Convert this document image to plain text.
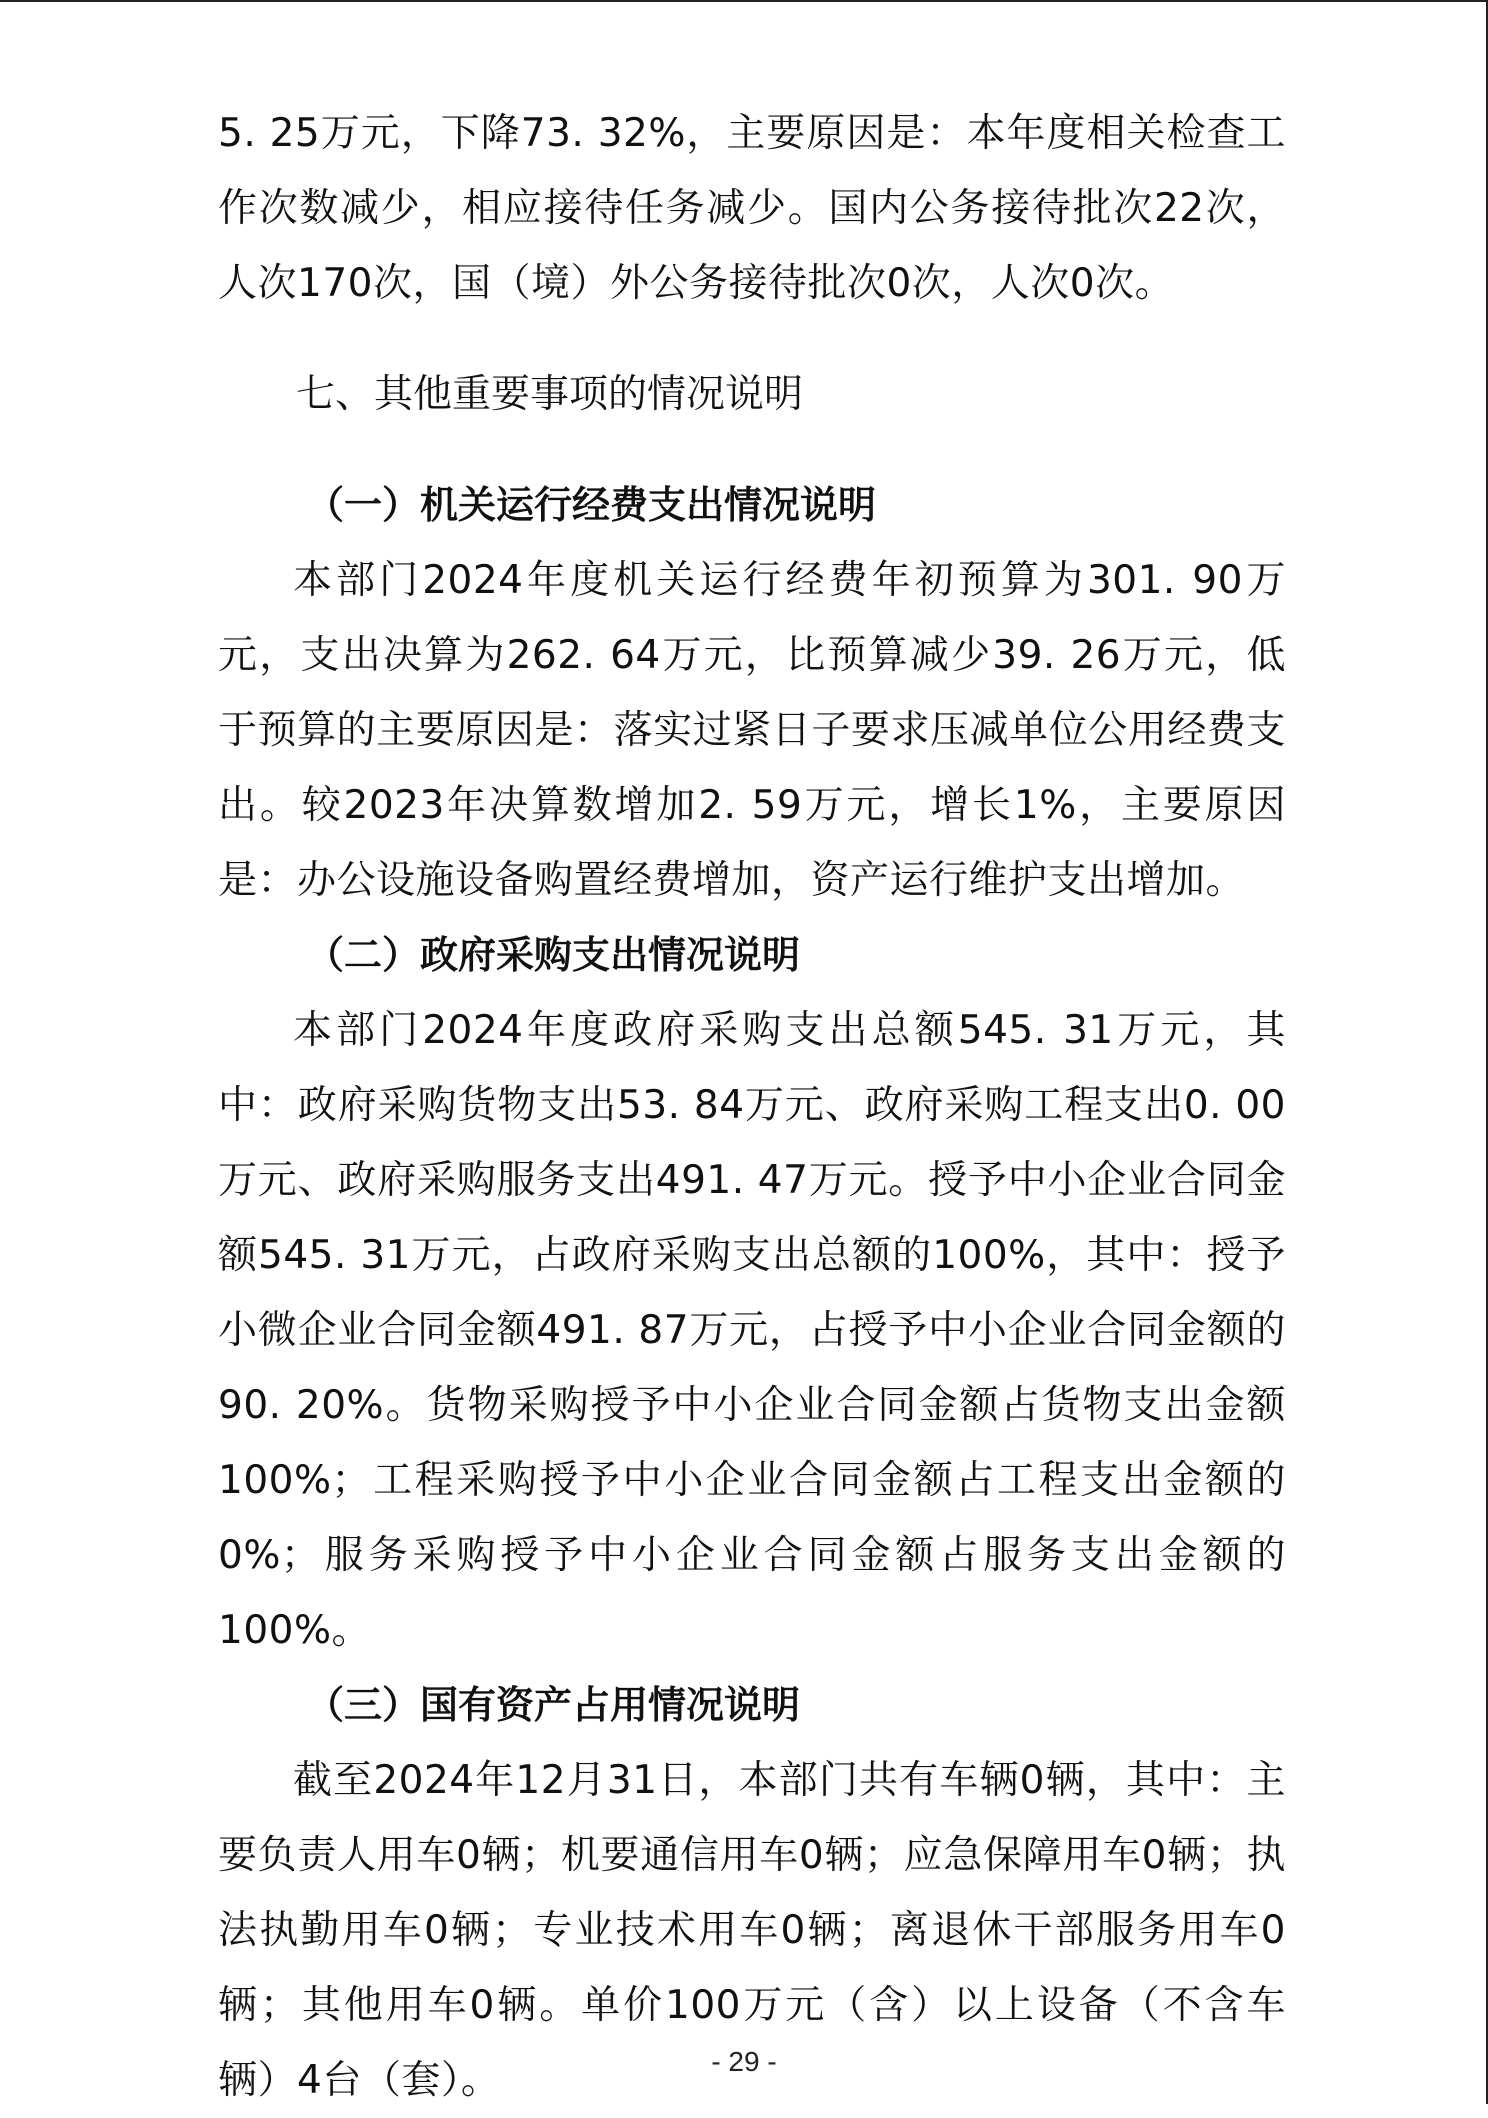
5. 25万元，下降73. 32%，主要原因是：本年度相关检查工作次数减少，相应接待任务减少。国内公务接待批次22次，人次170次，国（境）外公务接待批次0次，人次0次。

七、其他重要事项的情况说明
（一）机关运行经费支出情况说明

本部门2024年度机关运行经费年初预算为301. 90万元，支出决算为262. 64万元，比预算减少39. 26万元，低于预算的主要原因是：落实过紧日子要求压减单位公用经费支出。较2023年决算数增加2. 59万元，增长1%，主要原因是：办公设施设备购置经费增加，资产运行维护支出增加。

（二）政府采购支出情况说明

本部门2024年度政府采购支出总额545. 31万元，其中：政府采购货物支出53. 84万元、政府采购工程支出0. 00万元、政府采购服务支出491. 47万元。授予中小企业合同金额545. 31万元，占政府采购支出总额的100%，其中：授予小微企业合同金额491. 87万元，占授予中小企业合同金额的90. 20%。货物采购授予中小企业合同金额占货物支出金额100%；工程采购授予中小企业合同金额占工程支出金额的0%；服务采购授予中小企业合同金额占服务支出金额的100%。

（三）国有资产占用情况说明

截至2024年12月31日，本部门共有车辆0辆，其中：主要负责人用车0辆；机要通信用车0辆；应急保障用车0辆；执法执勤用车0辆；专业技术用车0辆；离退休干部服务用车0辆；其他用车0辆。单价100万元（含）以上设备（不含车辆）4台（套）。	- 29 -
